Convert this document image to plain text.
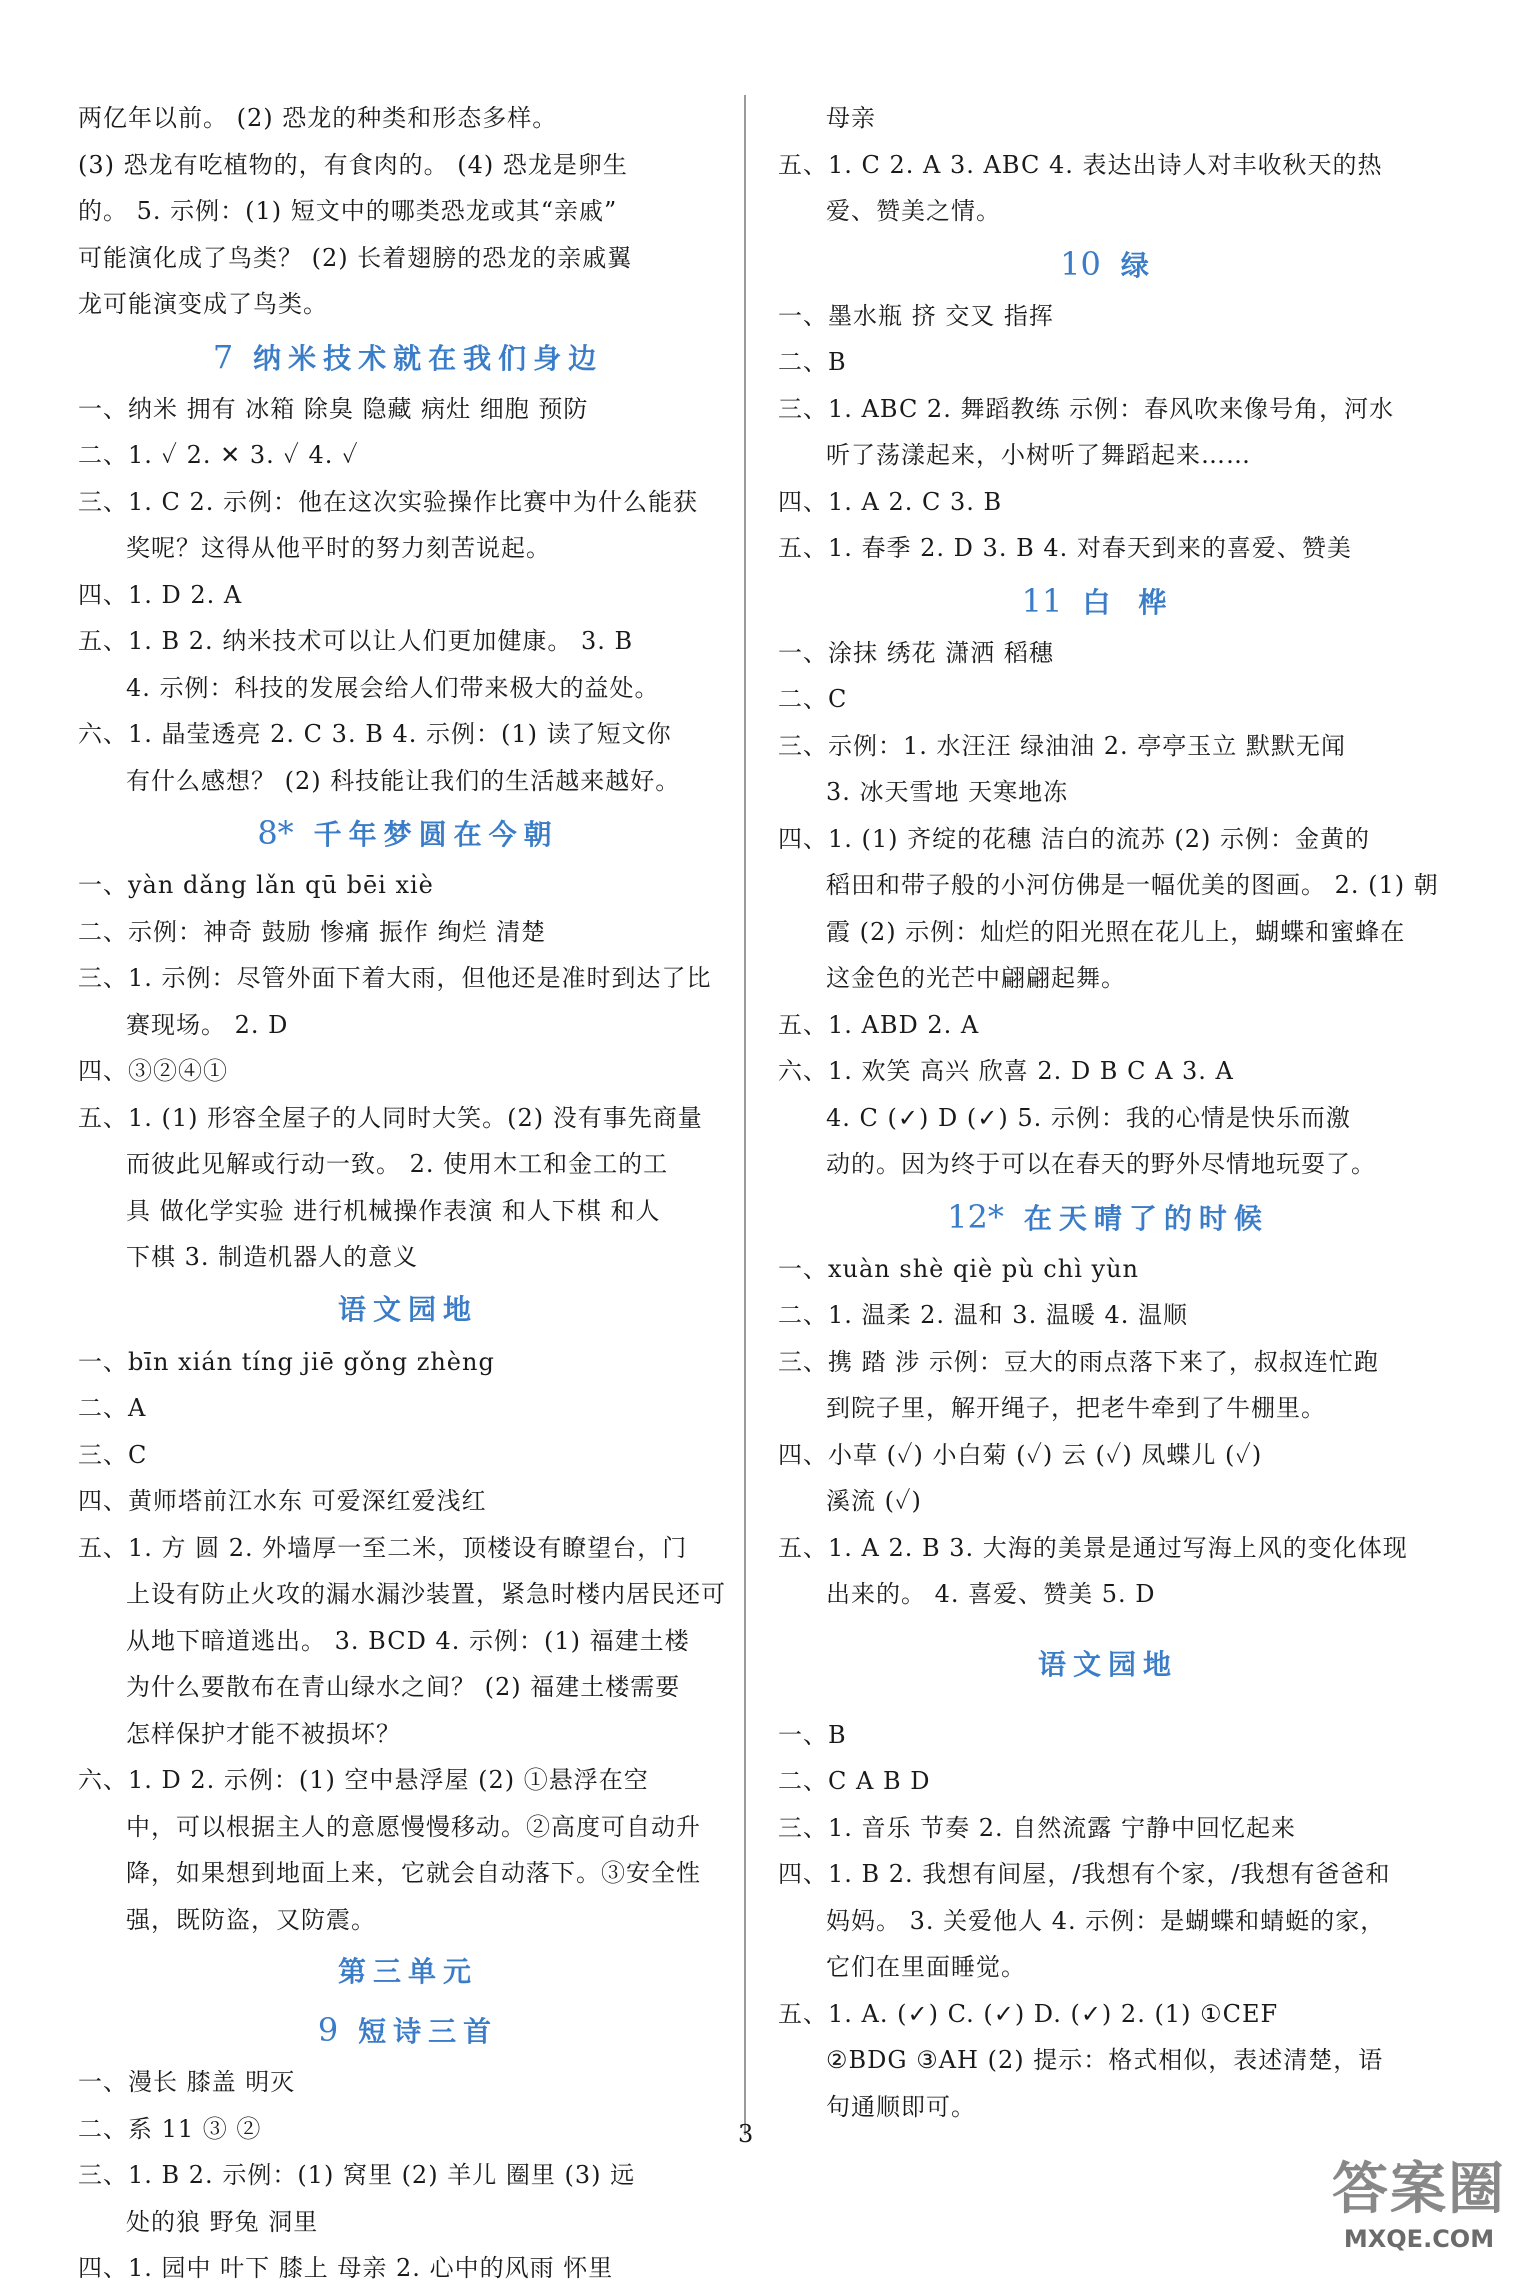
两亿年以前。 (2) 恐龙的种类和形态多样。
(3) 恐龙有吃植物的，有食肉的。 (4) 恐龙是卵生
的。 5. 示例：(1) 短文中的哪类恐龙或其“亲戚”
可能演化成了鸟类？ (2) 长着翅膀的恐龙的亲戚翼
龙可能演变成了鸟类。
7 纳米技术就在我们身边
一、纳米 拥有 冰箱 除臭 隐藏 病灶 细胞 预防
二、1. ✓ 2. ✕ 3. ✓ 4. ✓
三、1. C 2. 示例：他在这次实验操作比赛中为什么能获
奖呢？这得从他平时的努力刻苦说起。
四、1. D 2. A
五、1. B 2. 纳米技术可以让人们更加健康。 3. B
4. 示例：科技的发展会给人们带来极大的益处。
六、1. 晶莹透亮 2. C 3. B 4. 示例：(1) 读了短文你
有什么感想？ (2) 科技能让我们的生活越来越好。
8* 千年梦圆在今朝
一、yàn dǎng lǎn qū bēi xiè
二、示例：神奇 鼓励 惨痛 振作 绚烂 清楚
三、1. 示例：尽管外面下着大雨，但他还是准时到达了比
赛现场。 2. D
四、③②④①
五、1. (1) 形容全屋子的人同时大笑。(2) 没有事先商量
而彼此见解或行动一致。 2. 使用木工和金工的工
具 做化学实验 进行机械操作表演 和人下棋 和人
下棋 3. 制造机器人的意义
语文园地
一、bīn xián tíng jiē gǒng zhèng
二、A
三、C
四、黄师塔前江水东 可爱深红爱浅红
五、1. 方 圆 2. 外墙厚一至二米，顶楼设有瞭望台，门
上设有防止火攻的漏水漏沙装置，紧急时楼内居民还可
从地下暗道逃出。 3. BCD 4. 示例：(1) 福建土楼
为什么要散布在青山绿水之间？ (2) 福建土楼需要
怎样保护才能不被损坏？
六、1. D 2. 示例：(1) 空中悬浮屋 (2) ①悬浮在空
中，可以根据主人的意愿慢慢移动。②高度可自动升
降，如果想到地面上来，它就会自动落下。③安全性
强，既防盗，又防震。
第三单元
9 短诗三首
一、漫长 膝盖 明灭
二、系 11 ③ ②
三、1. B 2. 示例：(1) 窝里 (2) 羊儿 圈里 (3) 远
处的狼 野兔 洞里
四、1. 园中 叶下 膝上 母亲 2. 心中的风雨 怀里
母亲
五、1. C 2. A 3. ABC 4. 表达出诗人对丰收秋天的热
爱、赞美之情。
10 绿
一、墨水瓶 挤 交叉 指挥
二、B
三、1. ABC 2. 舞蹈教练 示例：春风吹来像号角，河水
听了荡漾起来，小树听了舞蹈起来……
四、1. A 2. C 3. B
五、1. 春季 2. D 3. B 4. 对春天到来的喜爱、赞美
11 白桦
一、涂抹 绣花 潇洒 稻穗
二、C
三、示例：1. 水汪汪 绿油油 2. 亭亭玉立 默默无闻
3. 冰天雪地 天寒地冻
四、1. (1) 齐绽的花穗 洁白的流苏 (2) 示例：金黄的
稻田和带子般的小河仿佛是一幅优美的图画。 2. (1) 朝
霞 (2) 示例：灿烂的阳光照在花儿上，蝴蝶和蜜蜂在
这金色的光芒中翩翩起舞。
五、1. ABD 2. A
六、1. 欢笑 高兴 欣喜 2. D B C A 3. A
4. C (✓) D (✓) 5. 示例：我的心情是快乐而激
动的。因为终于可以在春天的野外尽情地玩耍了。
12* 在天晴了的时候
一、xuàn shè qiè pù chì yùn
二、1. 温柔 2. 温和 3. 温暖 4. 温顺
三、携 踏 涉 示例：豆大的雨点落下来了，叔叔连忙跑
到院子里，解开绳子，把老牛牵到了牛棚里。
四、小草 (✓) 小白菊 (✓) 云 (✓) 凤蝶儿 (✓)
溪流 (✓)
五、1. A 2. B 3. 大海的美景是通过写海上风的变化体现
出来的。 4. 喜爱、赞美 5. D
语文园地
一、B
二、C A B D
三、1. 音乐 节奏 2. 自然流露 宁静中回忆起来
四、1. B 2. 我想有间屋，/我想有个家，/我想有爸爸和
妈妈。 3. 关爱他人 4. 示例：是蝴蝶和蜻蜓的家，
它们在里面睡觉。
五、1. A. (✓) C. (✓) D. (✓) 2. (1) ①CEF
②BDG ③AH (2) 提示：格式相似，表述清楚，语
句通顺即可。
3
答案圈
MXQE.COM
